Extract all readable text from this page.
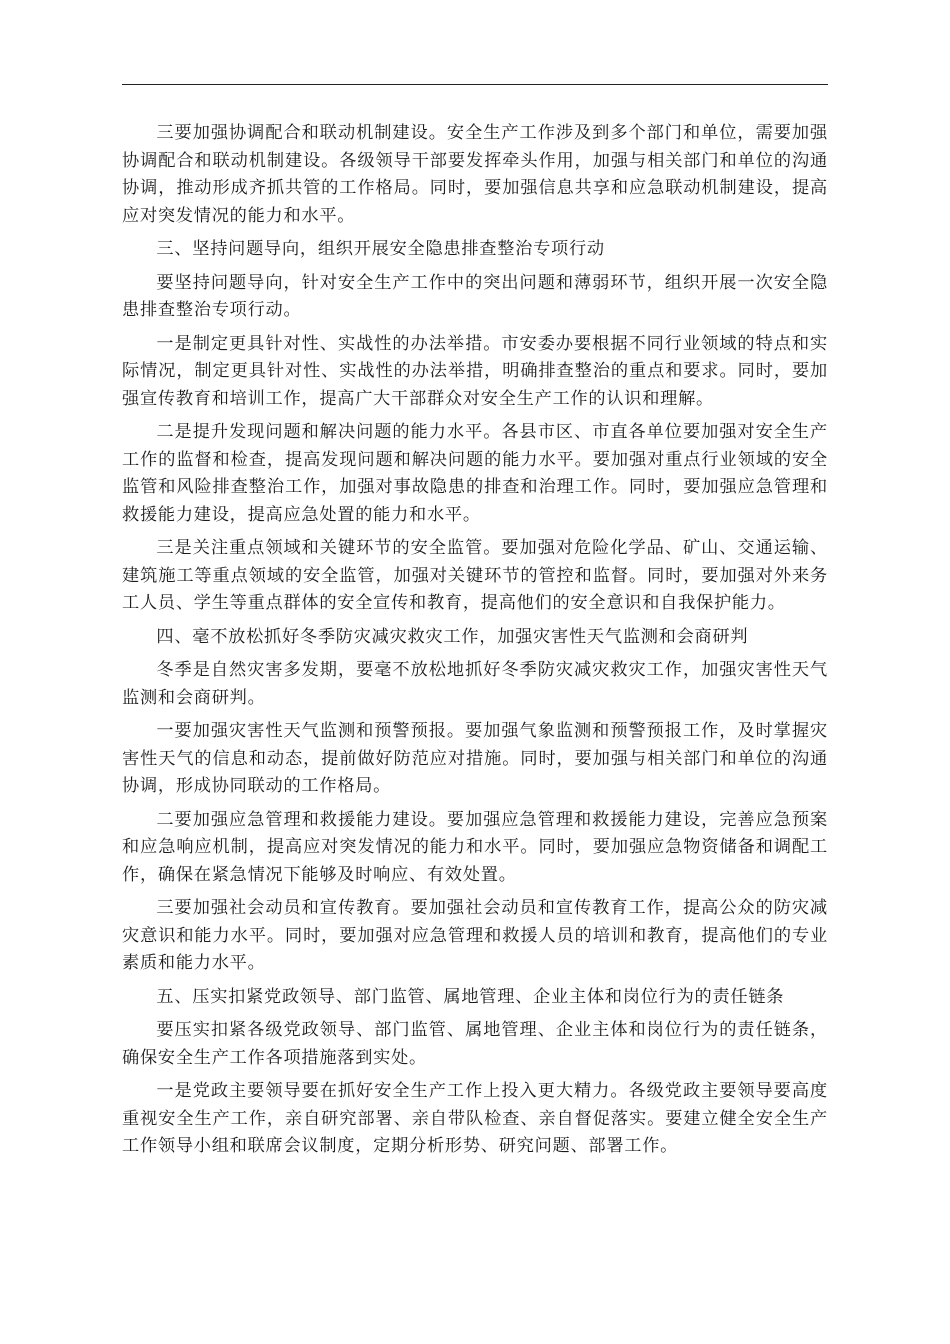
三要加强协调配合和联动机制建设。安全生产工作涉及到多个部门和单位，需要加强协调配合和联动机制建设。各级领导干部要发挥牵头作用，加强与相关部门和单位的沟通协调，推动形成齐抓共管的工作格局。同时，要加强信息共享和应急联动机制建设，提高应对突发情况的能力和水平。

三、坚持问题导向，组织开展安全隐患排查整治专项行动

要坚持问题导向，针对安全生产工作中的突出问题和薄弱环节，组织开展一次安全隐患排查整治专项行动。

一是制定更具针对性、实战性的办法举措。市安委办要根据不同行业领域的特点和实际情况，制定更具针对性、实战性的办法举措，明确排查整治的重点和要求。同时，要加强宣传教育和培训工作，提高广大干部群众对安全生产工作的认识和理解。

二是提升发现问题和解决问题的能力水平。各县市区、市直各单位要加强对安全生产工作的监督和检查，提高发现问题和解决问题的能力水平。要加强对重点行业领域的安全监管和风险排查整治工作，加强对事故隐患的排查和治理工作。同时，要加强应急管理和救援能力建设，提高应急处置的能力和水平。

三是关注重点领域和关键环节的安全监管。要加强对危险化学品、矿山、交通运输、建筑施工等重点领域的安全监管，加强对关键环节的管控和监督。同时，要加强对外来务工人员、学生等重点群体的安全宣传和教育，提高他们的安全意识和自我保护能力。

四、毫不放松抓好冬季防灾减灾救灾工作，加强灾害性天气监测和会商研判

冬季是自然灾害多发期，要毫不放松地抓好冬季防灾减灾救灾工作，加强灾害性天气监测和会商研判。

一要加强灾害性天气监测和预警预报。要加强气象监测和预警预报工作，及时掌握灾害性天气的信息和动态，提前做好防范应对措施。同时，要加强与相关部门和单位的沟通协调，形成协同联动的工作格局。

二要加强应急管理和救援能力建设。要加强应急管理和救援能力建设，完善应急预案和应急响应机制，提高应对突发情况的能力和水平。同时，要加强应急物资储备和调配工作，确保在紧急情况下能够及时响应、有效处置。

三要加强社会动员和宣传教育。要加强社会动员和宣传教育工作，提高公众的防灾减灾意识和能力水平。同时，要加强对应急管理和救援人员的培训和教育，提高他们的专业素质和能力水平。

五、压实扣紧党政领导、部门监管、属地管理、企业主体和岗位行为的责任链条

要压实扣紧各级党政领导、部门监管、属地管理、企业主体和岗位行为的责任链条，确保安全生产工作各项措施落到实处。

一是党政主要领导要在抓好安全生产工作上投入更大精力。各级党政主要领导要高度重视安全生产工作，亲自研究部署、亲自带队检查、亲自督促落实。要建立健全安全生产工作领导小组和联席会议制度，定期分析形势、研究问题、部署工作。
